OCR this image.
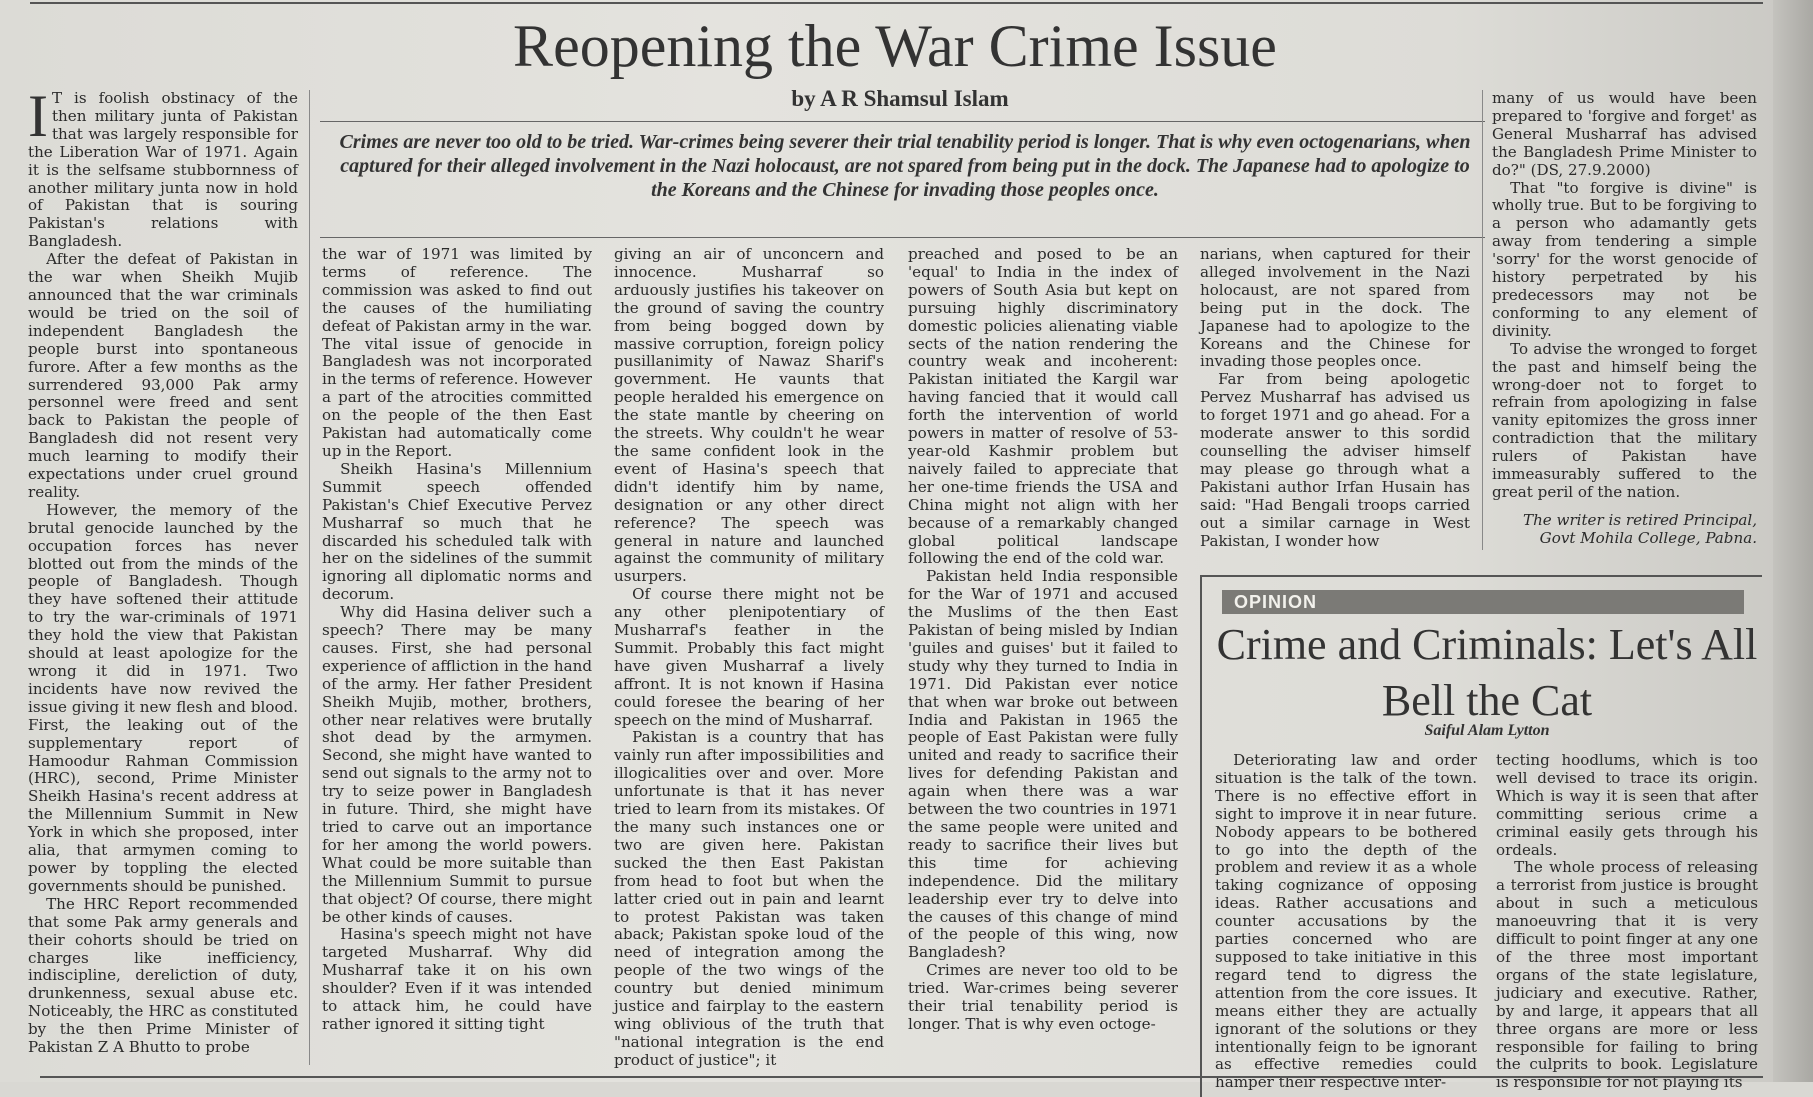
Reopening the War Crime Issue
by A R Shamsul Islam
Crimes are never too old to be tried. War-crimes being severer their trial tenability period is longer. That is why even octogenarians, when captured for their alleged involvement in the Nazi holocaust, are not spared from being put in the dock. The Japanese had to apologize to the Koreans and the Chinese for invading those peoples once.

I T is foolish obstinacy of the then military junta of Pakistan that was largely responsible for the Liberation War of 1971. Again it is the selfsame stubbornness of another military junta now in hold of Pakistan that is souring Pakistan's relations with Bangladesh.

After the defeat of Pakistan in the war when Sheikh Mujib announced that the war criminals would be tried on the soil of independent Bangladesh the people burst into spontaneous furore. After a few months as the surrendered 93,000 Pak army personnel were freed and sent back to Pakistan the people of Bangladesh did not resent very much learning to modify their expectations under cruel ground reality.

However, the memory of the brutal genocide launched by the occupation forces has never blotted out from the minds of the people of Bangladesh. Though they have softened their attitude to try the war-criminals of 1971 they hold the view that Pakistan should at least apologize for the wrong it did in 1971. Two incidents have now revived the issue giving it new flesh and blood. First, the leaking out of the supplementary report of Hamoodur Rahman Commission (HRC), second, Prime Minister Sheikh Hasina's recent address at the Millennium Summit in New York in which she proposed, inter alia, that armymen coming to power by toppling the elected governments should be punished.

The HRC Report recommended that some Pak army generals and their cohorts should be tried on charges like inefficiency, indiscipline, dereliction of duty, drunkenness, sexual abuse etc. Noticeably, the HRC as constituted by the then Prime Minister of Pakistan Z A Bhutto to probe

the war of 1971 was limited by terms of reference. The commission was asked to find out the causes of the humiliating defeat of Pakistan army in the war. The vital issue of genocide in Bangladesh was not incorporated in the terms of reference. However a part of the atrocities committed on the people of the then East Pakistan had automatically come up in the Report.

Sheikh Hasina's Millennium Summit speech offended Pakistan's Chief Executive Pervez Musharraf so much that he discarded his scheduled talk with her on the sidelines of the summit ignoring all diplomatic norms and decorum.

Why did Hasina deliver such a speech? There may be many causes. First, she had personal experience of affliction in the hand of the army. Her father President Sheikh Mujib, mother, brothers, other near relatives were brutally shot dead by the armymen. Second, she might have wanted to send out signals to the army not to try to seize power in Bangladesh in future. Third, she might have tried to carve out an importance for her among the world powers. What could be more suitable than the Millennium Summit to pursue that object? Of course, there might be other kinds of causes.

Hasina's speech might not have targeted Musharraf. Why did Musharraf take it on his own shoulder? Even if it was intended to attack him, he could have rather ignored it sitting tight

giving an air of unconcern and innocence. Musharraf so arduously justifies his takeover on the ground of saving the country from being bogged down by massive corruption, foreign policy pusillanimity of Nawaz Sharif's government. He vaunts that people heralded his emergence on the state mantle by cheering on the streets. Why couldn't he wear the same confident look in the event of Hasina's speech that didn't identify him by name, designation or any other direct reference? The speech was general in nature and launched against the community of military usurpers.

Of course there might not be any other plenipotentiary of Musharraf's feather in the Summit. Probably this fact might have given Musharraf a lively affront. It is not known if Hasina could foresee the bearing of her speech on the mind of Musharraf.

Pakistan is a country that has vainly run after impossibilities and illogicalities over and over. More unfortunate is that it has never tried to learn from its mistakes. Of the many such instances one or two are given here. Pakistan sucked the then East Pakistan from head to foot but when the latter cried out in pain and learnt to protest Pakistan was taken aback; Pakistan spoke loud of the need of integration among the people of the two wings of the country but denied minimum justice and fairplay to the eastern wing oblivious of the truth that "national integration is the end product of justice"; it

preached and posed to be an 'equal' to India in the index of powers of South Asia but kept on pursuing highly discriminatory domestic policies alienating viable sects of the nation rendering the country weak and incoherent: Pakistan initiated the Kargil war having fancied that it would call forth the intervention of world powers in matter of resolve of 53-year-old Kashmir problem but naively failed to appreciate that her one-time friends the USA and China might not align with her because of a remarkably changed global political landscape following the end of the cold war.

Pakistan held India responsible for the War of 1971 and accused the Muslims of the then East Pakistan of being misled by Indian 'guiles and guises' but it failed to study why they turned to India in 1971. Did Pakistan ever notice that when war broke out between India and Pakistan in 1965 the people of East Pakistan were fully united and ready to sacrifice their lives for defending Pakistan and again when there was a war between the two countries in 1971 the same people were united and ready to sacrifice their lives but this time for achieving independence. Did the military leadership ever try to delve into the causes of this change of mind of the people of this wing, now Bangladesh?

Crimes are never too old to be tried. War-crimes being severer their trial tenability period is longer. That is why even octoge-

narians, when captured for their alleged involvement in the Nazi holocaust, are not spared from being put in the dock. The Japanese had to apologize to the Koreans and the Chinese for invading those peoples once.

Far from being apologetic Pervez Musharraf has advised us to forget 1971 and go ahead. For a moderate answer to this sordid counselling the adviser himself may please go through what a Pakistani author Irfan Husain has said: "Had Bengali troops carried out a similar carnage in West Pakistan, I wonder how

many of us would have been prepared to 'forgive and forget' as General Musharraf has advised the Bangladesh Prime Minister to do?" (DS, 27.9.2000)

That "to forgive is divine" is wholly true. But to be forgiving to a person who adamantly gets away from tendering a simple 'sorry' for the worst genocide of history perpetrated by his predecessors may not be conforming to any element of divinity.

To advise the wronged to forget the past and himself being the wrong-doer not to forget to refrain from apologizing in false vanity epitomizes the gross inner contradiction that the military rulers of Pakistan have immeasurably suffered to the great peril of the nation.

The writer is retired Principal, Govt Mohila College, Pabna.

OPINION
Crime and Criminals: Let's All Bell the Cat
Saiful Alam Lytton

Deteriorating law and order situation is the talk of the town. There is no effective effort in sight to improve it in near future. Nobody appears to be bothered to go into the depth of the problem and review it as a whole taking cognizance of opposing ideas. Rather accusations and counter accusations by the parties concerned who are supposed to take initiative in this regard tend to digress the attention from the core issues. It means either they are actually ignorant of the solutions or they intentionally feign to be ignorant as effective remedies could hamper their respective inter-

tecting hoodlums, which is too well devised to trace its origin. Which is way it is seen that after committing serious crime a criminal easily gets through his ordeals.

The whole process of releasing a terrorist from justice is brought about in such a meticulous manoeuvring that it is very difficult to point finger at any one of the three most important organs of the state legislature, judiciary and executive. Rather, by and large, it appears that all three organs are more or less responsible for failing to bring the culprits to book. Legislature is responsible for not playing its
